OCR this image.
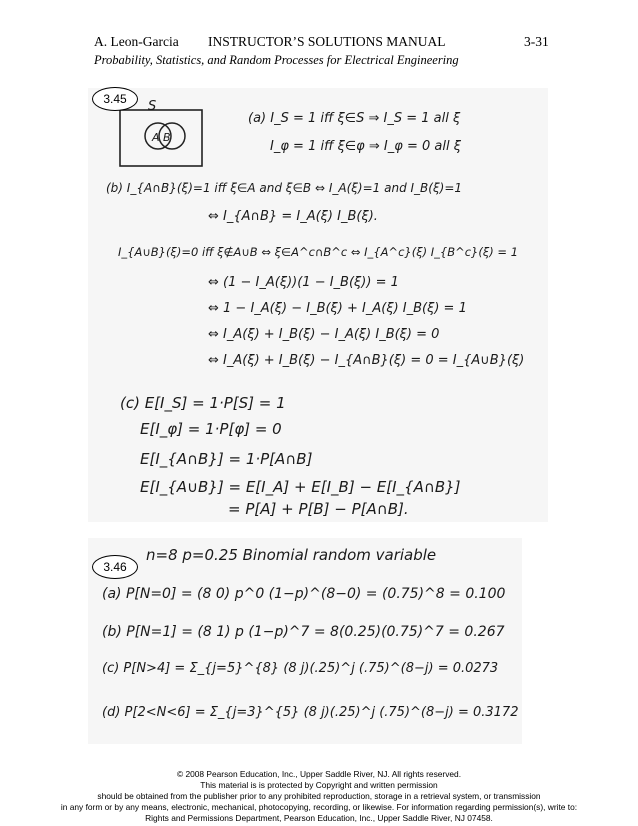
A. Leon-Garcia INSTRUCTOR’S SOLUTIONS MANUAL	3-31
Probability, Statistics, and Random Processes for Electrical Engineering
S
A B
(a) I_S = 1 iff ξ∈S ⇒ I_S = 1 all ξ
I_φ = 1 iff ξ∈φ ⇒ I_φ = 0 all ξ
(b) I_{A∩B}(ξ)=1 iff ξ∈A and ξ∈B ⇔ I_A(ξ)=1 and I_B(ξ)=1
⇔ I_{A∩B} = I_A(ξ) I_B(ξ).
I_{A∪B}(ξ)=0 iff ξ∉A∪B ⇔ ξ∈A^c∩B^c ⇔ I_{A^c}(ξ) I_{B^c}(ξ) = 1
⇔ (1 − I_A(ξ))(1 − I_B(ξ)) = 1
⇔ 1 − I_A(ξ) − I_B(ξ) + I_A(ξ) I_B(ξ) = 1
⇔ I_A(ξ) + I_B(ξ) − I_A(ξ) I_B(ξ) = 0
⇔ I_A(ξ) + I_B(ξ) − I_{A∩B}(ξ) = 0 = I_{A∪B}(ξ)
(c) E[I_S] = 1·P[S] = 1
E[I_φ] = 1·P[φ] = 0
E[I_{A∩B}] = 1·P[A∩B]
E[I_{A∪B}] = E[I_A] + E[I_B] − E[I_{A∩B}]
= P[A] + P[B] − P[A∩B].
3.45
n=8 p=0.25 Binomial random variable
(a) P[N=0] = (8 0) p^0 (1−p)^(8−0) = (0.75)^8 = 0.100
(b) P[N=1] = (8 1) p (1−p)^7 = 8(0.25)(0.75)^7 = 0.267
(c) P[N>4] = Σ_{j=5}^{8} (8 j)(.25)^j (.75)^(8−j) = 0.0273
(d) P[2<N<6] = Σ_{j=3}^{5} (8 j)(.25)^j (.75)^(8−j) = 0.3172
3.46
© 2008 Pearson Education, Inc., Upper Saddle River, NJ. All rights reserved.
This material is is protected by Copyright and written permission
should be obtained from the publisher prior to any prohibited reproduction, storage in a retrieval system, or transmission
in any form or by any means, electronic, mechanical, photocopying, recording, or likewise. For information regarding permission(s), write to:
Rights and Permissions Department, Pearson Education, Inc., Upper Saddle River, NJ 07458.
